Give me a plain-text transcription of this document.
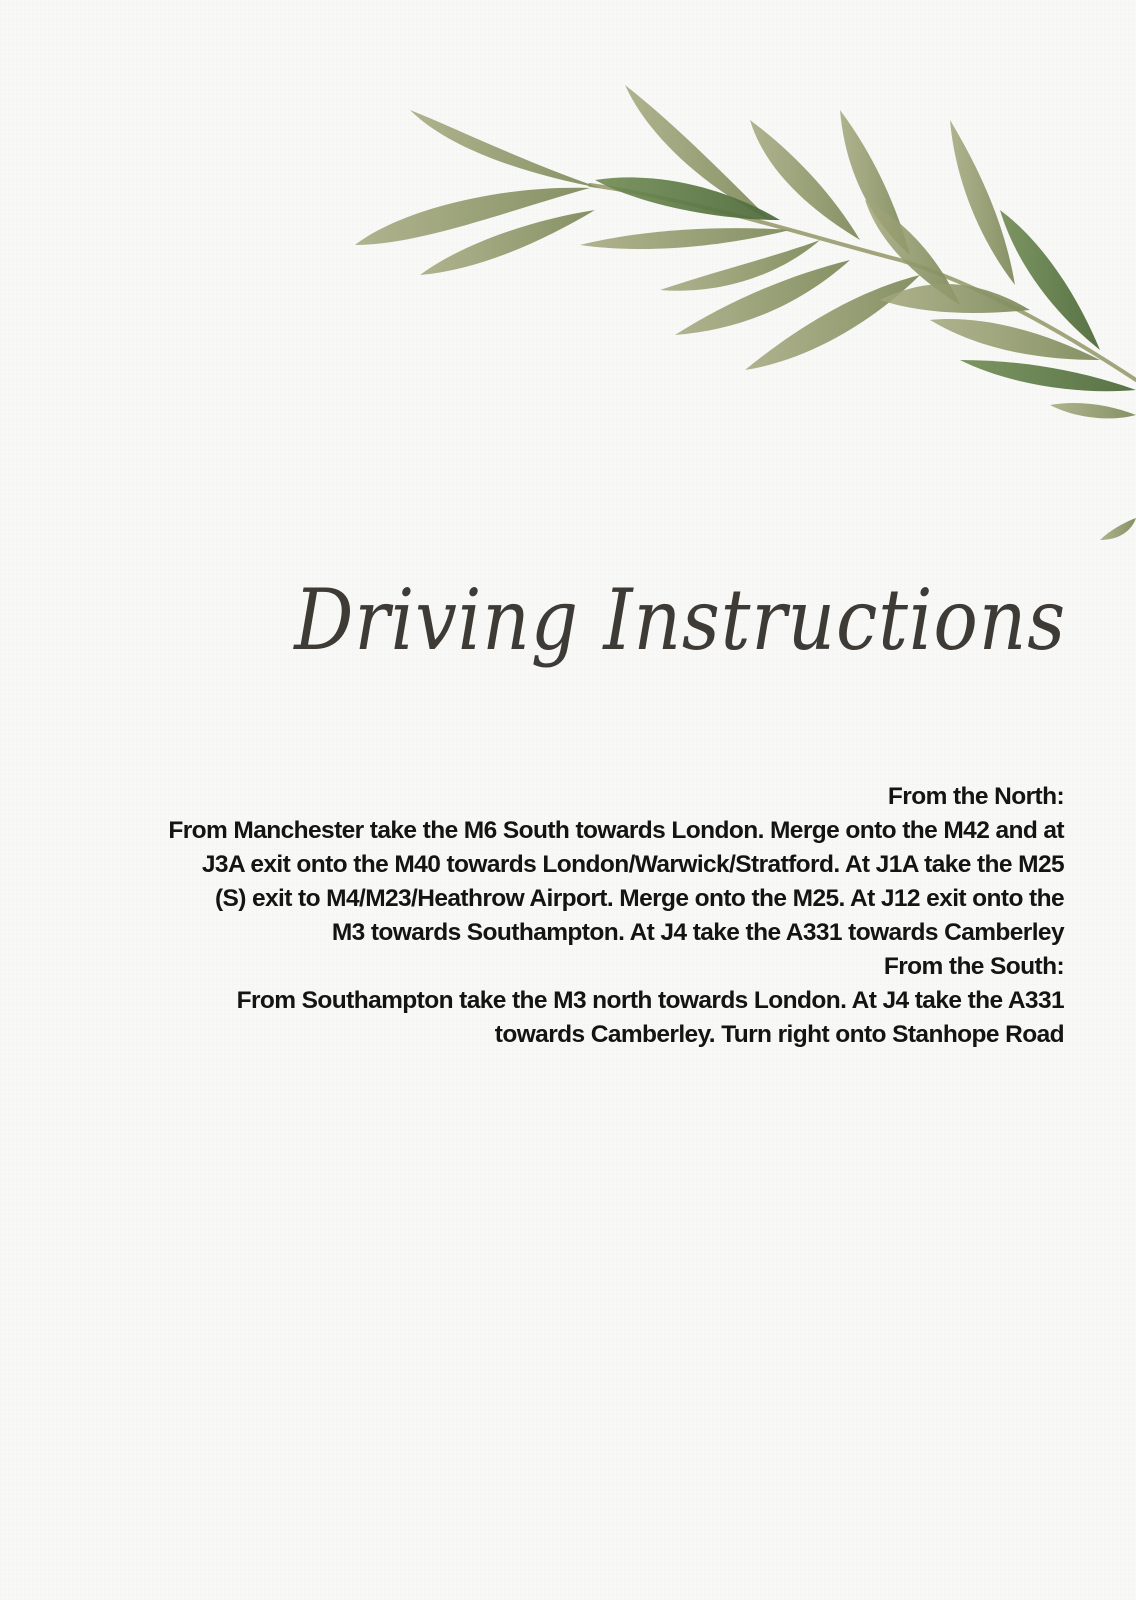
Driving Instructions
From the North:
From Manchester take the M6 South towards London. Merge onto the M42 and at
J3A exit onto the M40 towards London/Warwick/Stratford. At J1A take the M25
(S) exit to M4/M23/Heathrow Airport. Merge onto the M25. At J12 exit onto the
M3 towards Southampton. At J4 take the A331 towards Camberley
From the South:
From Southampton take the M3 north towards London. At J4 take the A331
towards Camberley. Turn right onto Stanhope Road
